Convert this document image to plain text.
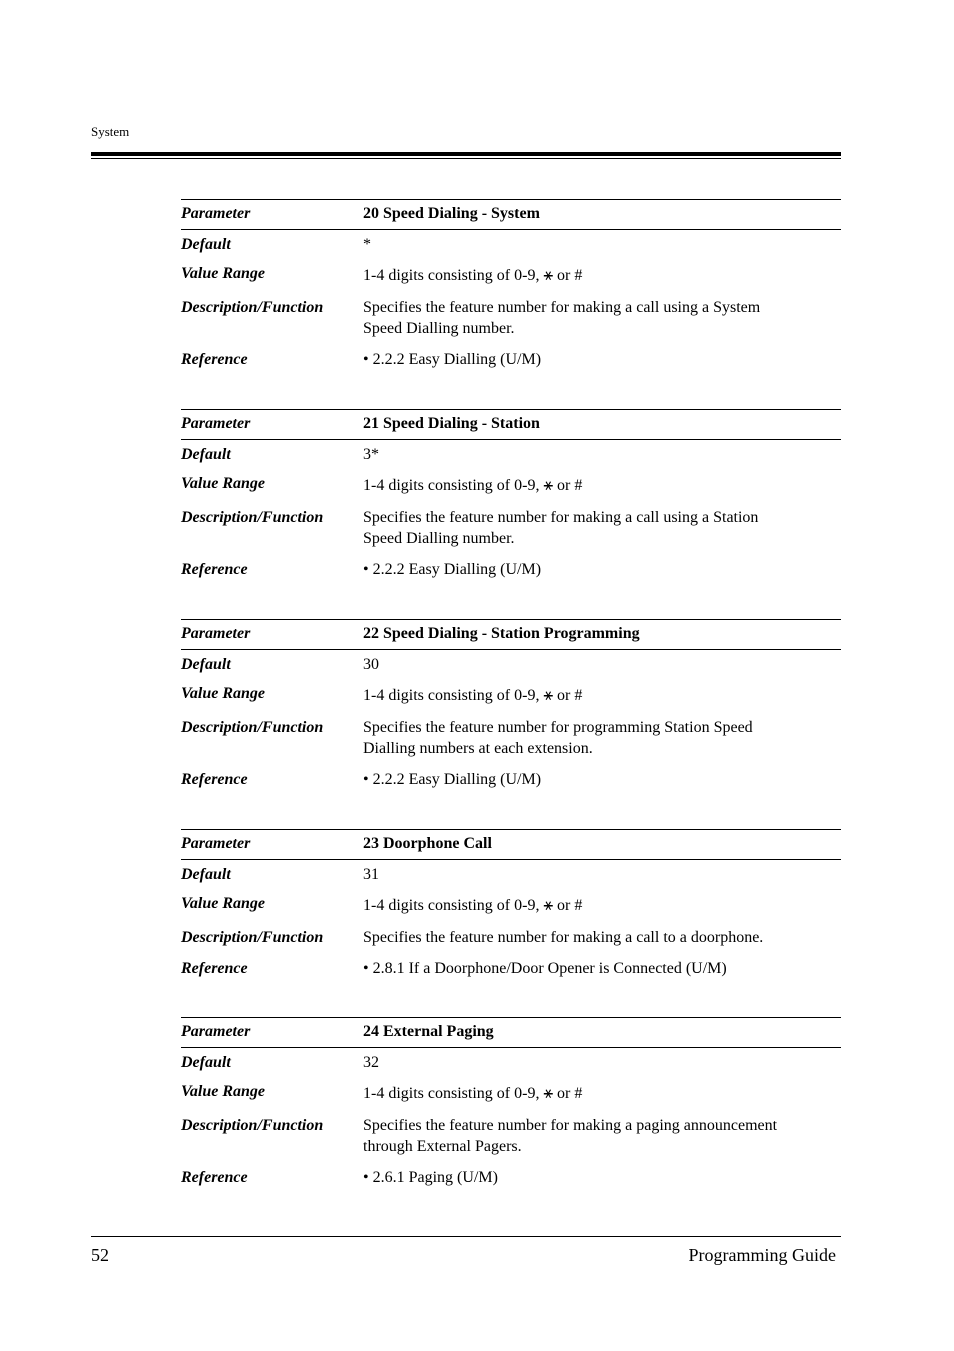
System
Parameter	20 Speed Dialing - System
Default	*
Value Range	1-4 digits consisting of 0-9, ⚹ or #
Description/Function	Specifies the feature number for making a call using a System
Speed Dialling number.
Reference	• 2.2.2 Easy Dialling (U/M)
Parameter	21 Speed Dialing - Station
Default	3*
Value Range	1-4 digits consisting of 0-9, ⚹ or #
Description/Function	Specifies the feature number for making a call using a Station
Speed Dialling number.
Reference	• 2.2.2 Easy Dialling (U/M)
Parameter	22 Speed Dialing - Station Programming
Default	30
Value Range	1-4 digits consisting of 0-9, ⚹ or #
Description/Function	Specifies the feature number for programming Station Speed
Dialling numbers at each extension.
Reference	• 2.2.2 Easy Dialling (U/M)
Parameter	23 Doorphone Call
Default	31
Value Range	1-4 digits consisting of 0-9, ⚹ or #
Description/Function	Specifies the feature number for making a call to a doorphone.
Reference	• 2.8.1 If a Doorphone/Door Opener is Connected (U/M)
Parameter	24 External Paging
Default	32
Value Range	1-4 digits consisting of 0-9, ⚹ or #
Description/Function	Specifies the feature number for making a paging announcement
through External Pagers.
Reference	• 2.6.1 Paging (U/M)
52	Programming Guide
